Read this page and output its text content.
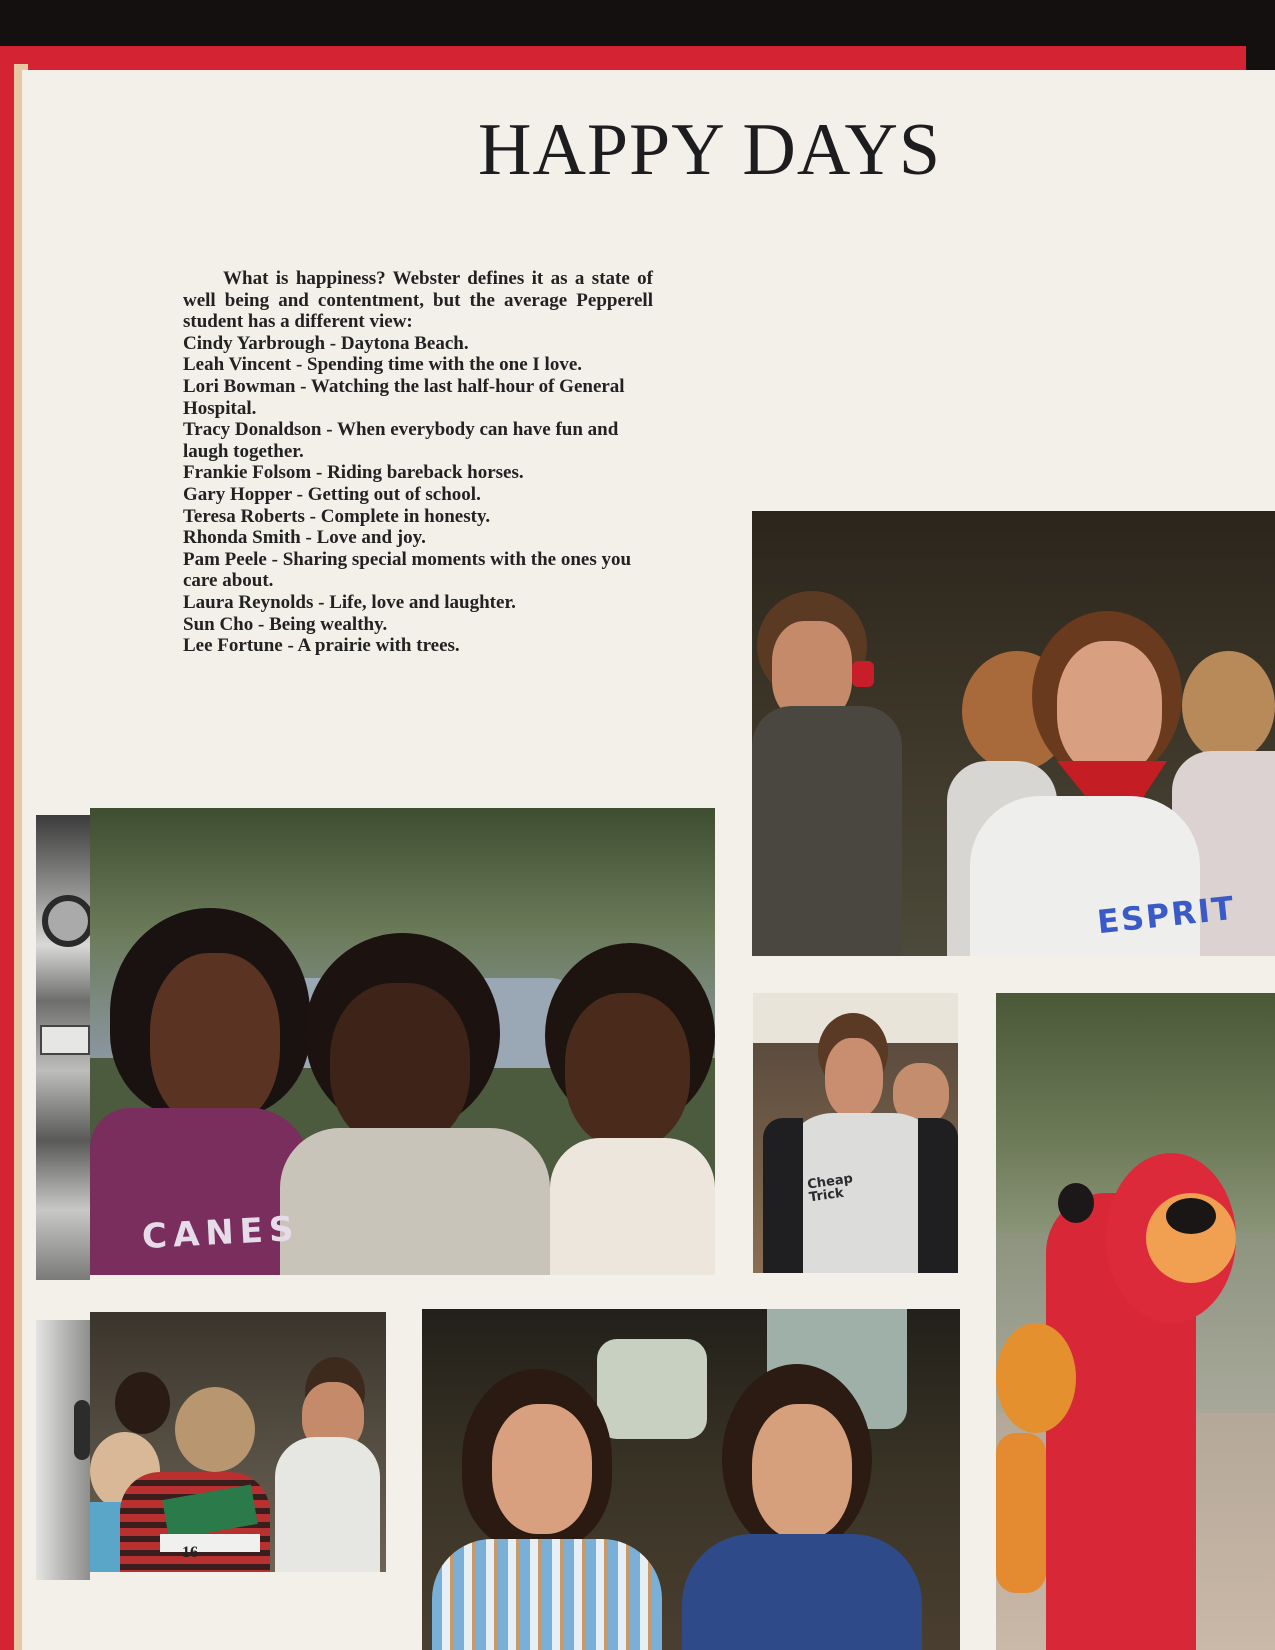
HAPPY DAYS

What is happiness? Webster defines it as a state of well being and contentment, but the average Pepperell student has a different view:

Cindy Yarbrough - Daytona Beach.

Leah Vincent - Spending time with the one I love.

Lori Bowman - Watching the last half-hour of General Hospital.

Tracy Donaldson - When everybody can have fun and laugh together.

Frankie Folsom - Riding bareback horses.

Gary Hopper - Getting out of school.

Teresa Roberts - Complete in honesty.

Rhonda Smith - Love and joy.

Pam Peele - Sharing special moments with the ones you care about.

Laura Reynolds - Life, love and laughter.

Sun Cho - Being wealthy.

Lee Fortune - A prairie with trees.

CANES
ESPRIT
Cheap Trick
16
